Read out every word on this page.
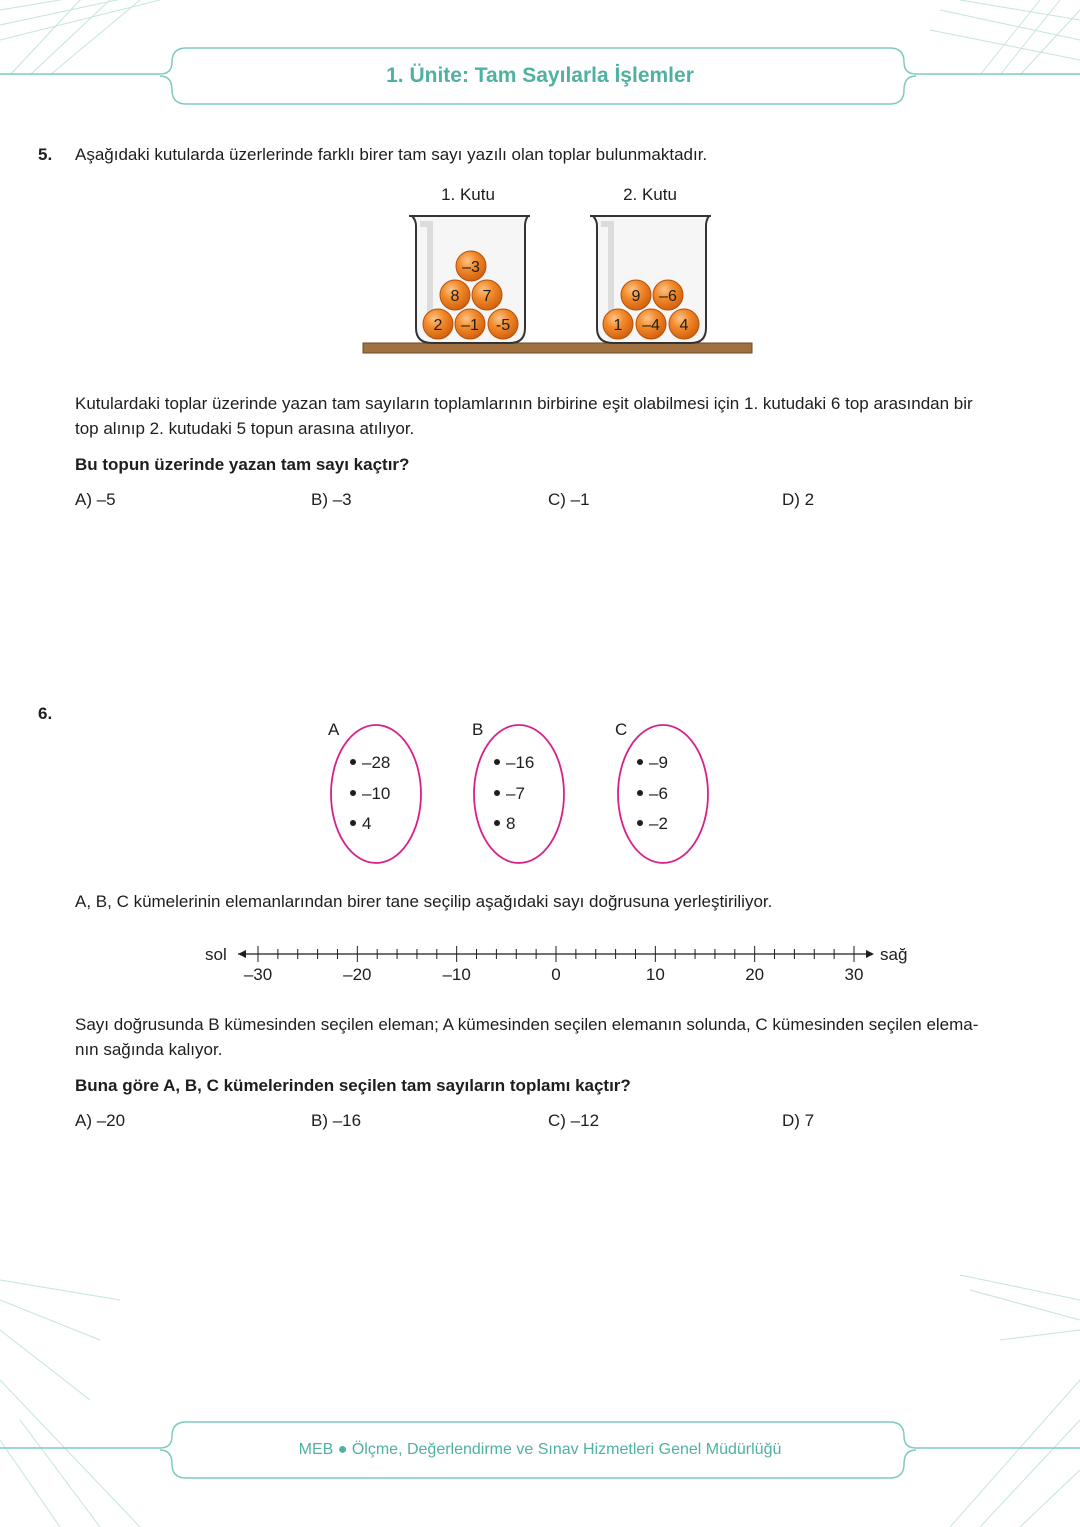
1. Ünite: Tam Sayılarla İşlemler
5. Aşağıdaki kutularda üzerlerinde farklı birer tam sayı yazılı olan toplar bulunmaktadır.
1. Kutu	2. Kutu
–3
8 7
2 –1 -5
9 –6
1 –4 4
Kutulardaki toplar üzerinde yazan tam sayıların toplamlarının birbirine eşit olabilmesi için 1. kutudaki 6 top arasından bir
top alınıp 2. kutudaki 5 topun arasına atılıyor.
Bu topun üzerinde yazan tam sayı kaçtır?
A) –5	B) –3	C) –1	D) 2
6.
A
–28
–10
4
B
–16
–7
8
C
–9
–6
–2
A, B, C kümelerinin elemanlarından birer tane seçilip aşağıdaki sayı doğrusuna yerleştiriliyor.
sol	sağ
–30	–20	–10	0	10	20	30
Sayı doğrusunda B kümesinden seçilen eleman; A kümesinden seçilen elemanın solunda, C kümesinden seçilen elema-
nın sağında kalıyor.
Buna göre A, B, C kümelerinden seçilen tam sayıların toplamı kaçtır?
A) –20	B) –16	C) –12	D) 7
MEB ● Ölçme, Değerlendirme ve Sınav Hizmetleri Genel Müdürlüğü
